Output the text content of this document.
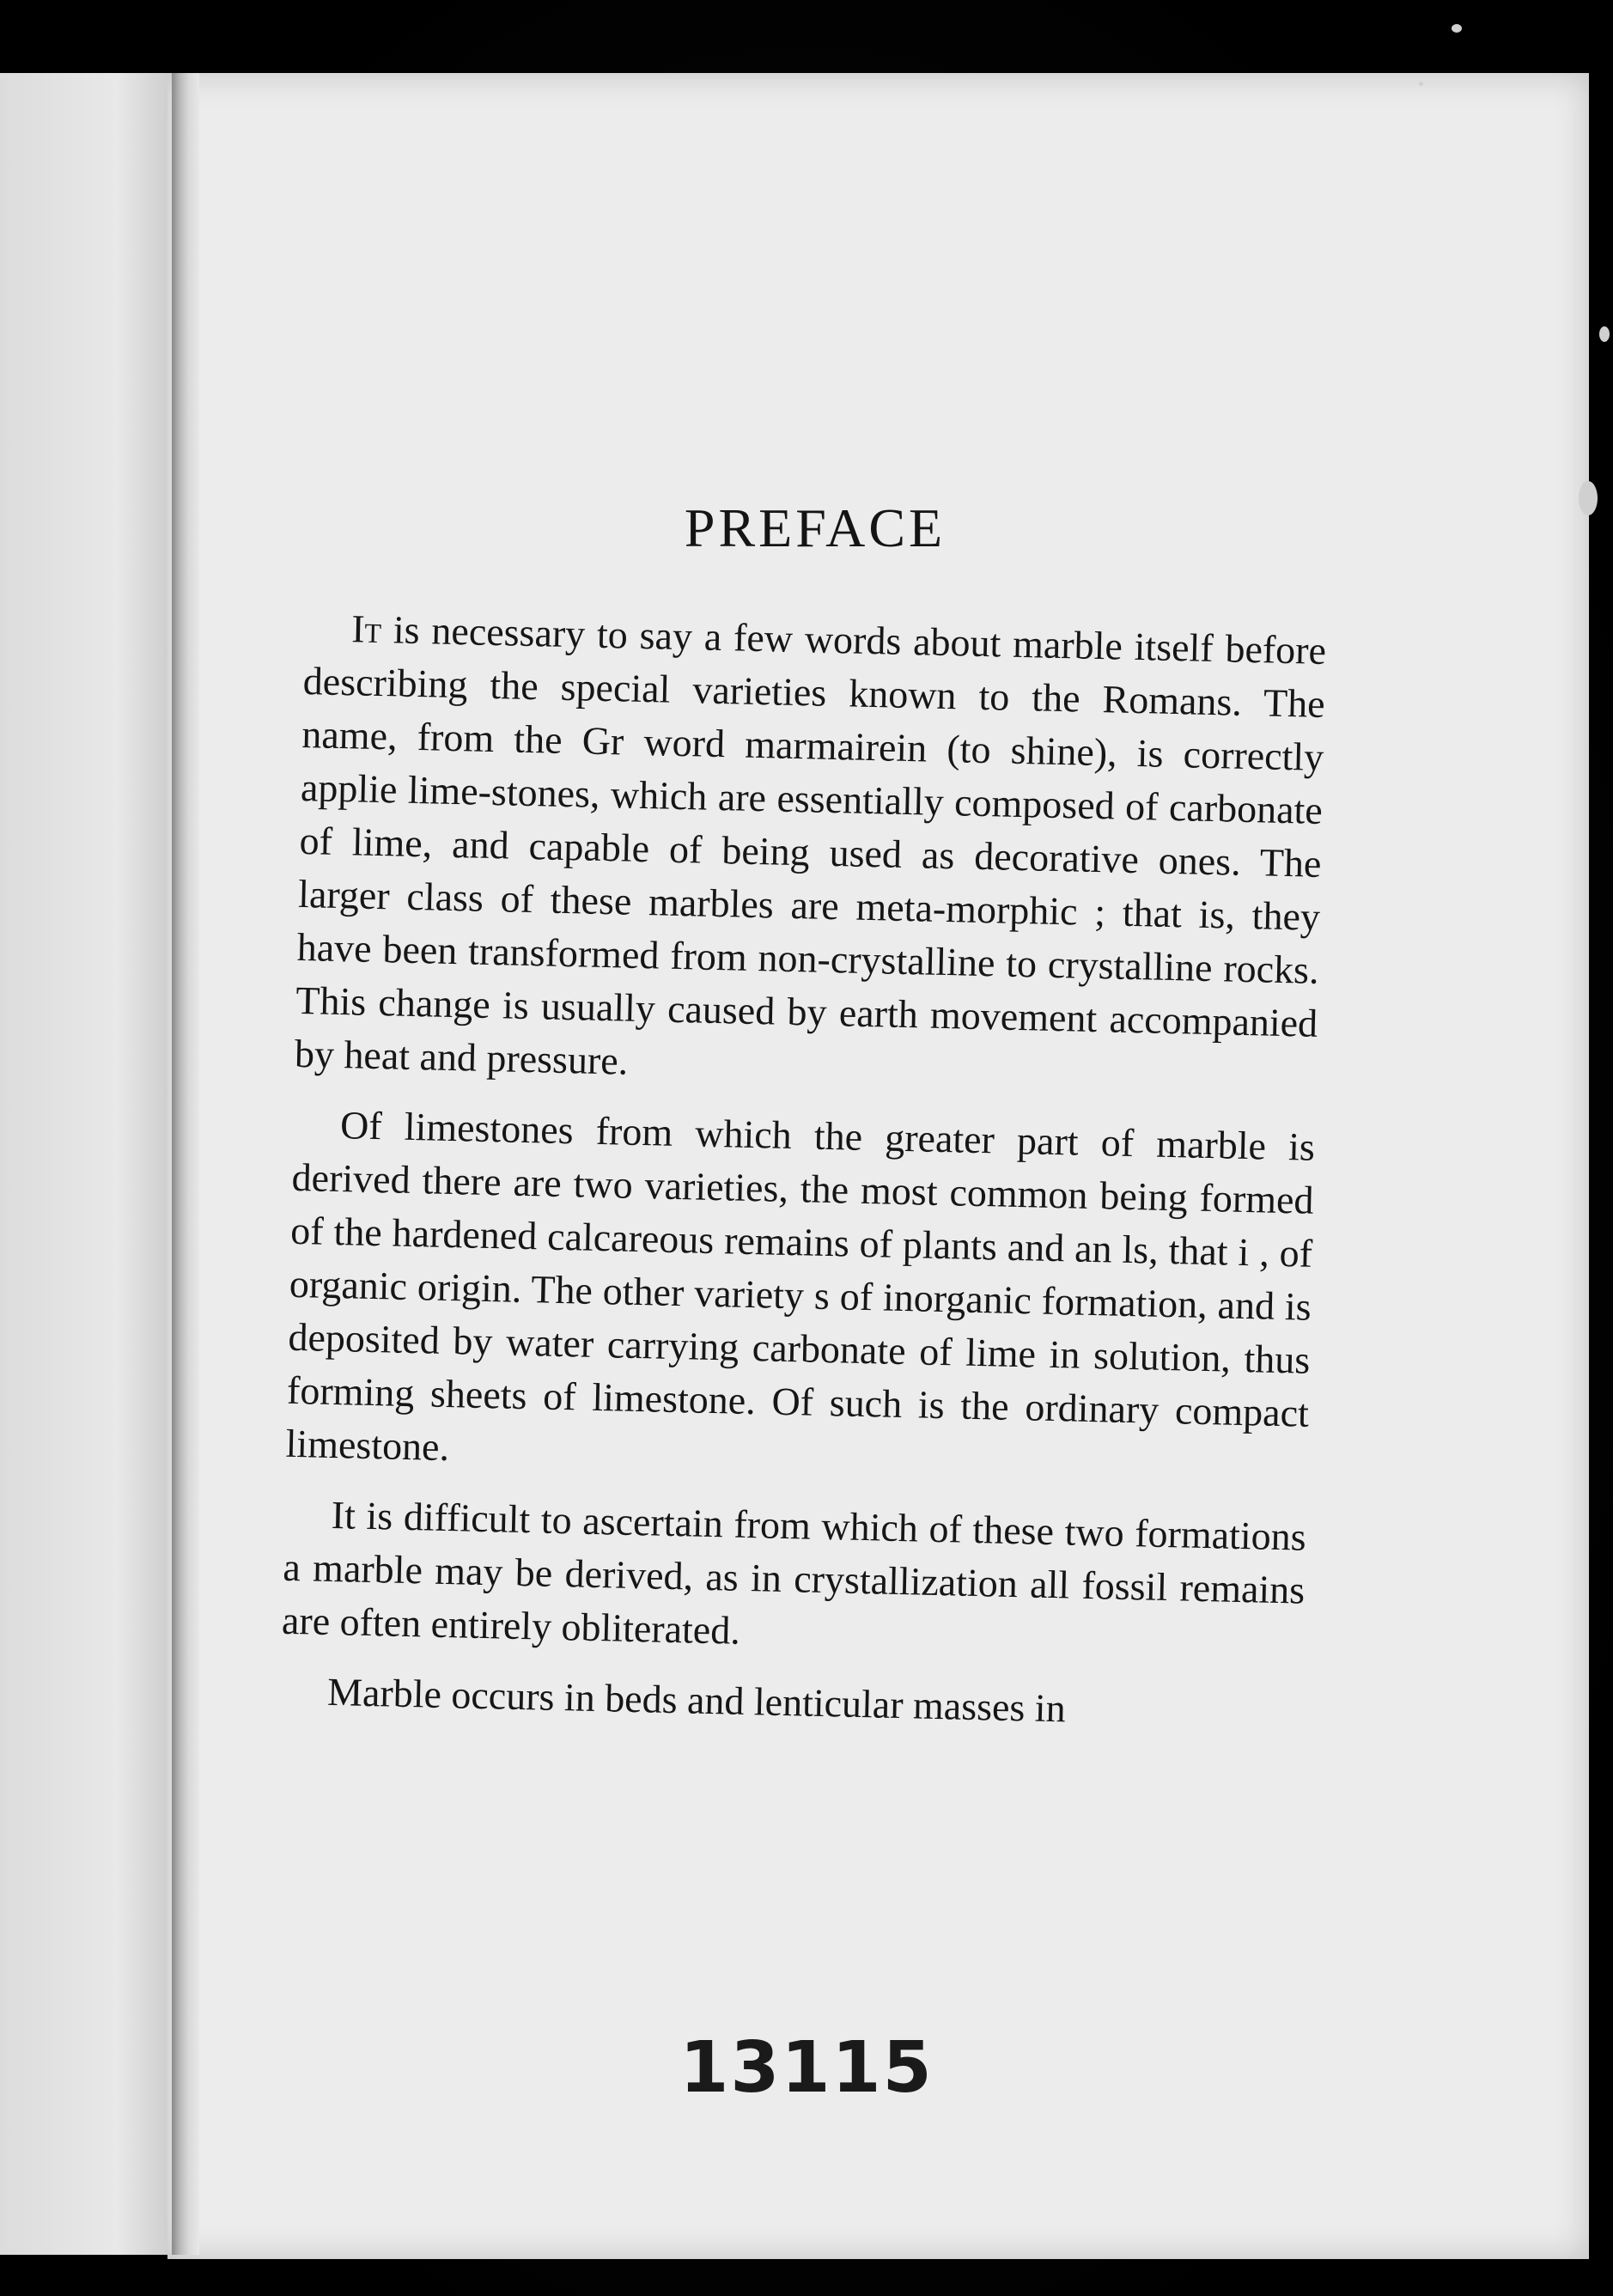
PREFACE

It is necessary to say a few words about marble itself before describing the special varieties known to the Romans. The name, from the Gr word marmairein (to shine), is correctly applie lime-stones, which are essentially composed of carbonate of lime, and capable of being used as decorative ones. The larger class of these marbles are meta-morphic ; that is, they have been transformed from non-crystalline to crystalline rocks. This change is usually caused by earth movement accompanied by heat and pressure.

Of limestones from which the greater part of marble is derived there are two varieties, the most common being formed of the hardened calcareous remains of plants and an ls, that i , of organic origin. The other variety s of inorganic formation, and is deposited by water carrying carbonate of lime in solution, thus forming sheets of limestone. Of such is the ordinary compact limestone.

It is difficult to ascertain from which of these two formations a marble may be derived, as in crystallization all fossil remains are often entirely obliterated.

Marble occurs in beds and lenticular masses in

13115
